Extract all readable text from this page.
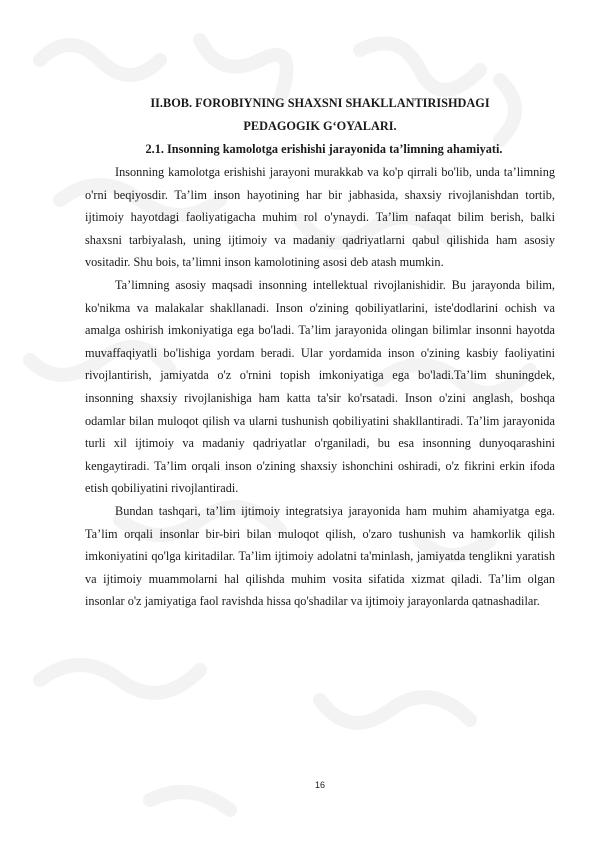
II.BOB. FOROBIYNING SHAXSNI SHAKLLANTIRISHDAGI
PEDAGOGIK G‘OYALARI.
2.1. Insonning kamolotga erishishi jarayonida ta’limning ahamiyati.

Insonning kamolotga erishishi jarayoni murakkab va ko'p qirrali bo'lib, unda ta’limning o'rni beqiyosdir. Ta’lim inson hayotining har bir jabhasida, shaxsiy rivojlanishdan tortib, ijtimoiy hayotdagi faoliyatigacha muhim rol o'ynaydi. Ta’lim nafaqat bilim berish, balki shaxsni tarbiyalash, uning ijtimoiy va madaniy qadriyatlarni qabul qilishida ham asosiy vositadir. Shu bois, ta’limni inson kamolotining asosi deb atash mumkin.

Ta’limning asosiy maqsadi insonning intellektual rivojlanishidir. Bu jarayonda bilim, ko'nikma va malakalar shakllanadi. Inson o'zining qobiliyatlarini, iste'dodlarini ochish va amalga oshirish imkoniyatiga ega bo'ladi. Ta’lim jarayonida olingan bilimlar insonni hayotda muvaffaqiyatli bo'lishiga yordam beradi. Ular yordamida inson o'zining kasbiy faoliyatini rivojlantirish, jamiyatda o'z o'rnini topish imkoniyatiga ega bo'ladi.Ta’lim shuningdek, insonning shaxsiy rivojlanishiga ham katta ta'sir ko'rsatadi. Inson o'zini anglash, boshqa odamlar bilan muloqot qilish va ularni tushunish qobiliyatini shakllantiradi. Ta’lim jarayonida turli xil ijtimoiy va madaniy qadriyatlar o'rganiladi, bu esa insonning dunyoqarashini kengaytiradi. Ta’lim orqali inson o'zining shaxsiy ishonchini oshiradi, o'z fikrini erkin ifoda etish qobiliyatini rivojlantiradi.

Bundan tashqari, ta’lim ijtimoiy integratsiya jarayonida ham muhim ahamiyatga ega. Ta’lim orqali insonlar bir-biri bilan muloqot qilish, o'zaro tushunish va hamkorlik qilish imkoniyatini qo'lga kiritadilar. Ta’lim ijtimoiy adolatni ta'minlash, jamiyatda tenglikni yaratish va ijtimoiy muammolarni hal qilishda muhim vosita sifatida xizmat qiladi. Ta’lim olgan insonlar o'z jamiyatiga faol ravishda hissa qo'shadilar va ijtimoiy jarayonlarda qatnashadilar.

16
